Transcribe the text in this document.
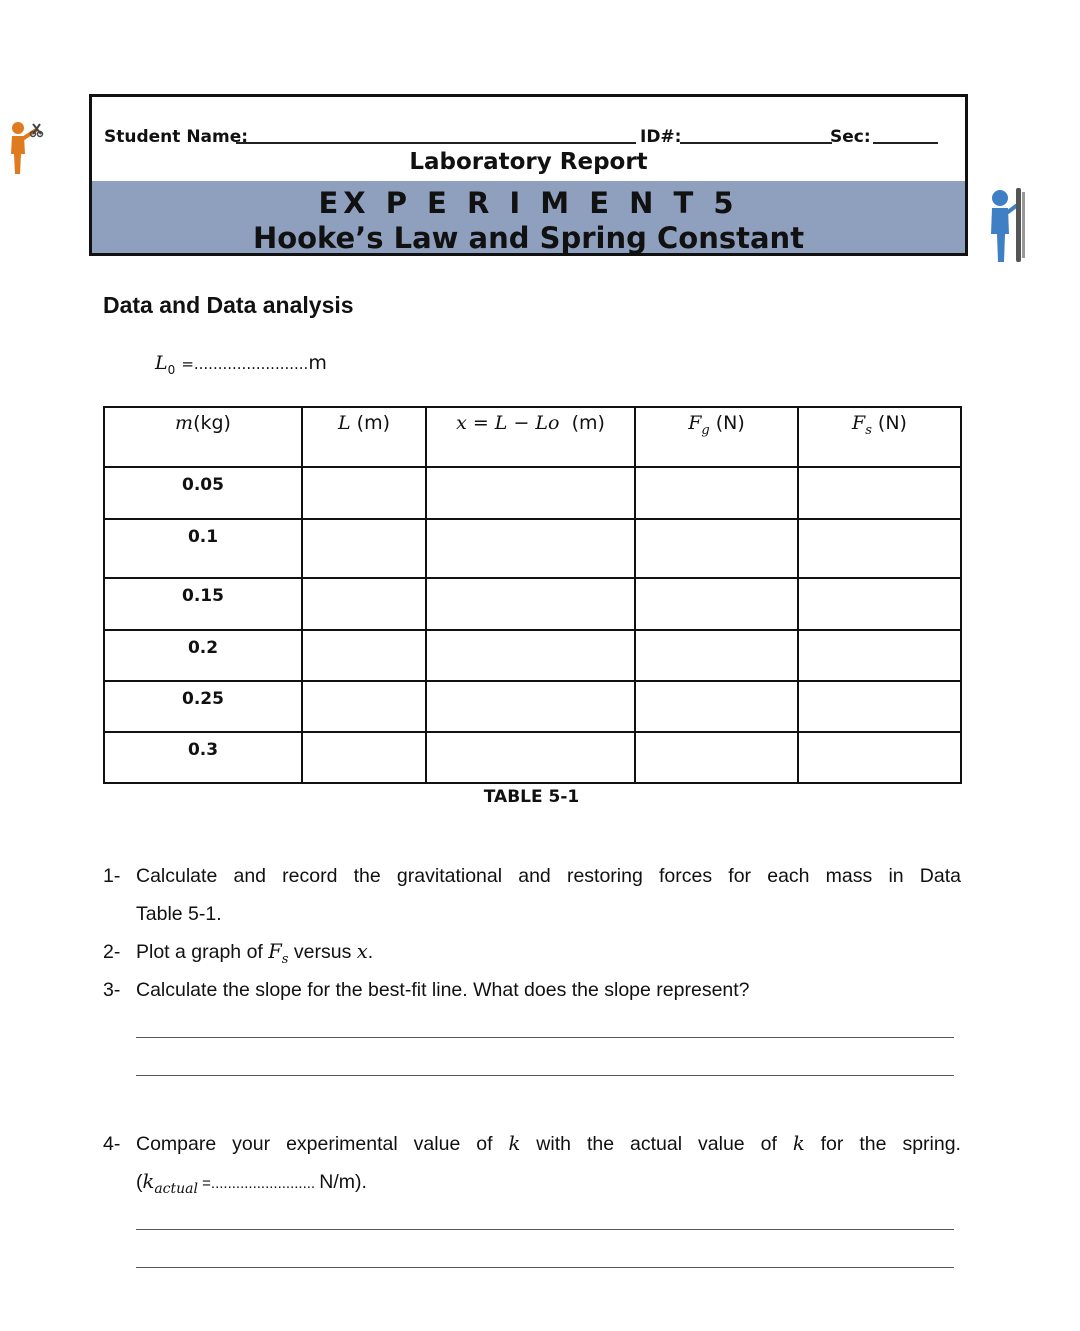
Student Name:	ID#:	Sec:
Laboratory Report
EX P E R I M E N T 5
Hooke’s Law and Spring Constant
Data and Data analysis
$L_0 =........................m$
m(kg)	L (m)	x = L − Lo  (m)	$F_g$ (N)	$F_s$ (N)
0.05				
0.1				
0.15				
0.2				
0.25				
0.3				
TABLE 5-1
1- Calculate and record the gravitational and restoring forces for each mass in Data
Table 5-1.
2- Plot a graph of $F_s$ versus x.
3- Calculate the slope for the best-fit line. What does the slope represent?
4- Compare your experimental value of k with the actual value of k for the spring.
($k_{actual}$ =......................... N/m).
